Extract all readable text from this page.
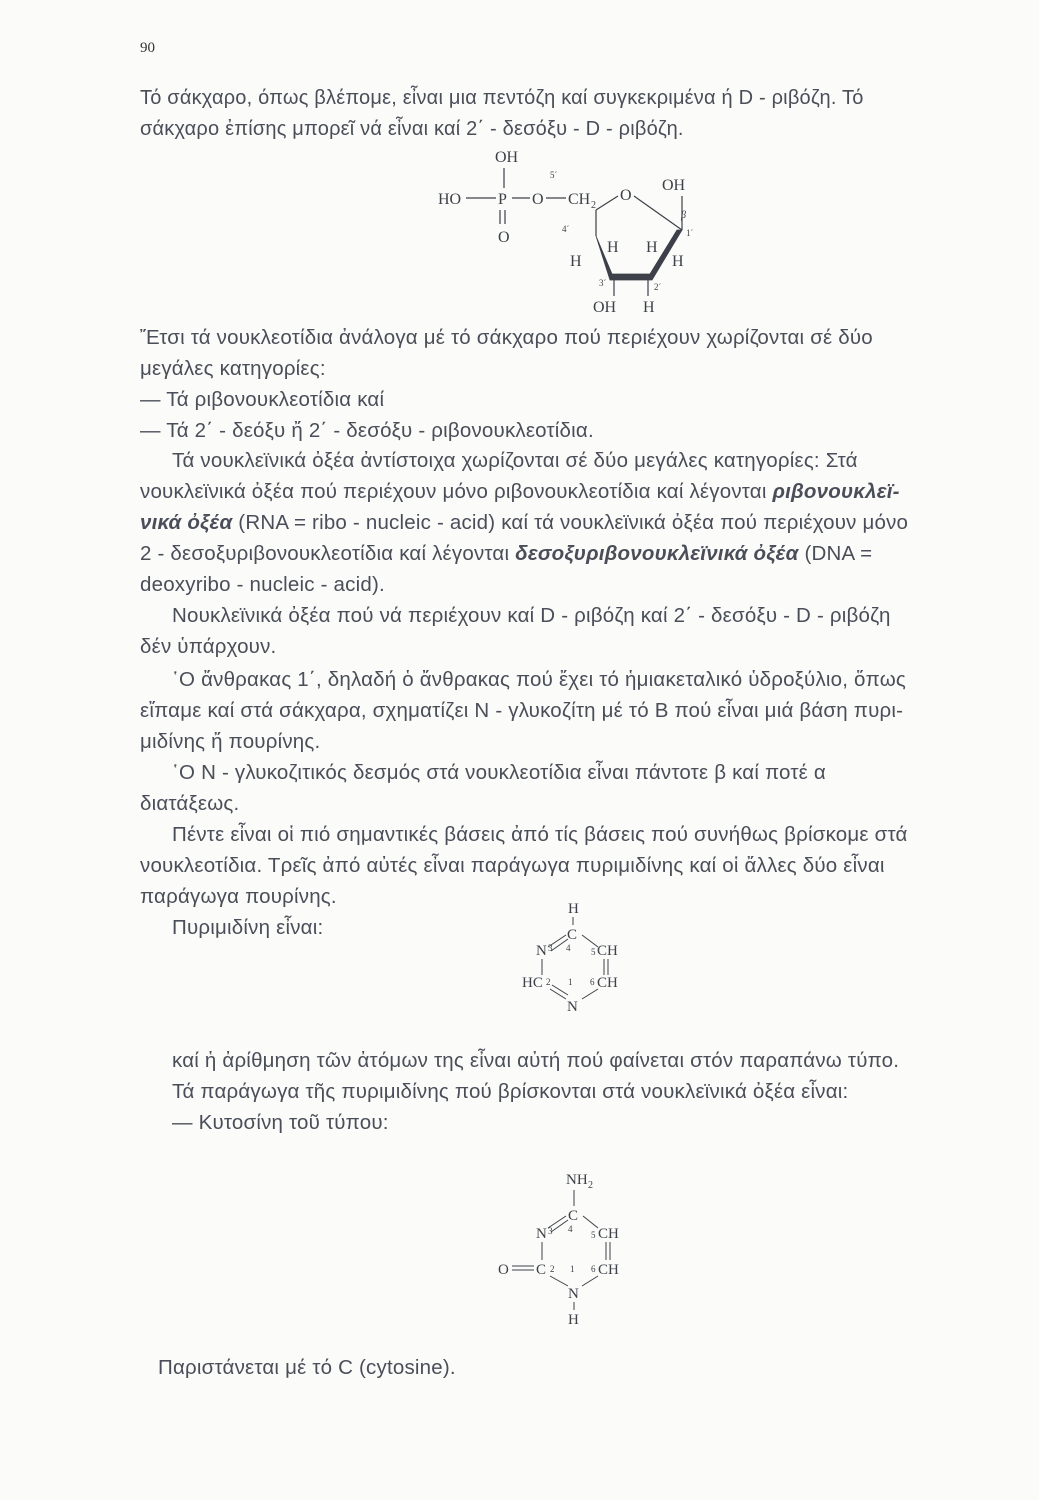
90
Τό σάκχαρο, όπως βλέπομε, εἶναι μια πεντόζη καί συγκεκριμένα ή D - ριβόζη. Τό
σάκχαρο ἐπίσης μπορεῖ νά εἶναι καί 2΄ - δεσόξυ - D - ριβόζη.
OH
HO P O
5΄
CH 2
O
O
OH
β
4΄	1΄
H H
H	H
3΄	2΄
OH H
Ἔτσι τά νουκλεοτίδια ἀνάλογα μέ τό σάκχαρο πού περιέχουν χωρίζονται σέ δύο
μεγάλες κατηγορίες:
— Τά ριβονουκλεοτίδια καί
— Τά 2΄ - δεόξυ ἤ 2΄ - δεσόξυ - ριβονουκλεοτίδια.
Τά νουκλεϊνικά ὀξέα ἀντίστοιχα χωρίζονται σέ δύο μεγάλες κατηγορίες: Στά
νουκλεϊνικά ὀξέα πού περιέχουν μόνο ριβονουκλεοτίδια καί λέγονται ριβονουκλεϊ-
νικά ὀξέα (RNA = ribo - nucleic - acid) καί τά νουκλεϊνικά ὀξέα πού περιέχουν μόνο
2 - δεσοξυριβονουκλεοτίδια καί λέγονται δεσοξυριβονουκλεϊνικά ὀξέα (DNA =
deoxyribo - nucleic - acid).
Νουκλεϊνικά ὀξέα πού νά περιέχουν καί D - ριβόζη καί 2΄ - δεσόξυ - D - ριβόζη
δέν ὑπάρχουν.
῾Ο ἄνθρακας 1΄, δηλαδή ὁ ἄνθρακας πού ἔχει τό ἡμιακεταλικό ὑδροξύλιο, ὅπως
εἴπαμε καί στά σάκχαρα, σχηματίζει Ν - γλυκοζίτη μέ τό Β πού εἶναι μιά βάση πυρι-
μιδίνης ἤ πουρίνης.
῾Ο Ν - γλυκοζιτικός δεσμός στά νουκλεοτίδια εἶναι πάντοτε β καί ποτέ α
διατάξεως.
Πέντε εἶναι οἱ πιό σημαντικές βάσεις ἀπό τίς βάσεις πού συνήθως βρίσκομε στά
νουκλεοτίδια. Τρεῖς ἀπό αὐτές εἶναι παράγωγα πυριμιδίνης καί οἱ ἄλλες δύο εἶναι
παράγωγα πουρίνης.
Πυριμιδίνη εἶναι:
H
C
N 3 4 5 CH
HC 2 1 6 CH
N
καί ἡ ἀρίθμηση τῶν ἀτόμων της εἶναι αὐτή πού φαίνεται στόν παραπάνω τύπο.
Τά παράγωγα τῆς πυριμιδίνης πού βρίσκονται στά νουκλεϊνικά ὀξέα εἶναι:
— Κυτοσίνη τοῦ τύπου:
NH 2
C
N 3 4
5 CH
O C 2 1 6 CH
N
H
Παριστάνεται μέ τό C (cytosine).
